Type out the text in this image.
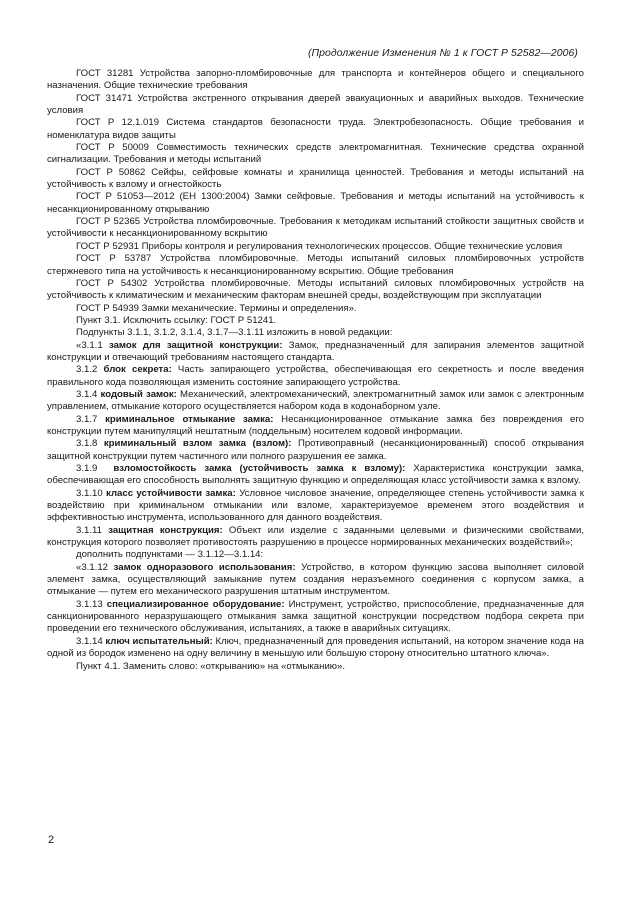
(Продолжение Изменения № 1 к ГОСТ Р 52582—2006)

ГОСТ 31281 Устройства запорно-пломбировочные для транспорта и контейнеров общего и специального назначения. Общие технические требования

ГОСТ 31471 Устройства экстренного открывания дверей эвакуационных и аварийных выходов. Технические условия

ГОСТ Р 12.1.019 Система стандартов безопасности труда. Электробезопасность. Общие требования и номенклатура видов защиты

ГОСТ Р 50009 Совместимость технических средств электромагнитная. Технические средства охранной сигнализации. Требования и методы испытаний

ГОСТ Р 50862 Сейфы, сейфовые комнаты и хранилища ценностей. Требования и методы испытаний на устойчивость к взлому и огнестойкость

ГОСТ Р 51053—2012 (ЕН 1300:2004) Замки сейфовые. Требования и методы испытаний на устойчивость к несанкционированному открыванию

ГОСТ Р 52365 Устройства пломбировочные. Требования к методикам испытаний стойкости защитных свойств и устойчивости к несанкционированному вскрытию

ГОСТ Р 52931 Приборы контроля и регулирования технологических процессов. Общие технические условия

ГОСТ Р 53787 Устройства пломбировочные. Методы испытаний силовых пломбировочных устройств стержневого типа на устойчивость к несанкционированному вскрытию. Общие требования

ГОСТ Р 54302 Устройства пломбировочные. Методы испытаний силовых пломбировочных устройств на устойчивость к климатическим и механическим факторам внешней среды, воздействующим при эксплуатации

ГОСТ Р 54939 Замки механические. Термины и определения».

Пункт 3.1. Исключить ссылку: ГОСТ Р 51241.

Подпункты 3.1.1, 3.1.2, 3.1.4, 3.1.7—3.1.11 изложить в новой редакции:

«3.1.1 замок для защитной конструкции: Замок, предназначенный для запирания элементов защитной конструкции и отвечающий требованиям настоящего стандарта.

3.1.2 блок секрета: Часть запирающего устройства, обеспечивающая его секретность и после введения правильного кода позволяющая изменить состояние запирающего устройства.

3.1.4 кодовый замок: Механический, электромеханический, электромагнитный замок или замок с электронным управлением, отмыкание которого осуществляется набором кода в кодонаборном узле.

3.1.7 криминальное отмыкание замка: Несанкционированное отмыкание замка без повреждения его конструкции путем манипуляций нештатным (поддельным) носителем кодовой информации.

3.1.8 криминальный взлом замка (взлом): Противоправный (несанкционированный) способ открывания защитной конструкции путем частичного или полного разрушения ее замка.

3.1.9  взломостойкость замка (устойчивость замка к взлому): Характеристика конструкции замка, обеспечивающая его способность выполнять защитную функцию и определяющая класс устойчивости замка к взлому.

3.1.10 класс устойчивости замка: Условное числовое значение, определяющее степень устойчивости замка к воздействию при криминальном отмыкании или взломе, характеризуемое временем этого воздействия и эффективностью инструмента, использованного для данного воздействия.

3.1.11 защитная конструкция: Объект или изделие с заданными целевыми и физическими свойствами, конструкция которого позволяет противостоять разрушению в процессе нормированных механических воздействий»;

дополнить подпунктами — 3.1.12—3.1.14:

«3.1.12 замок одноразового использования: Устройство, в котором функцию засова выполняет силовой элемент замка, осуществляющий замыкание путем создания неразъемного соединения с корпусом замка, а отмыкание — путем его механического разрушения штатным инструментом.

3.1.13 специализированное оборудование: Инструмент, устройство, приспособление, предназначенные для санкционированного неразрушающего отмыкания замка защитной конструкции посредством подбора секрета при проведении его технического обслуживания, испытаниях, а также в аварийных ситуациях.

3.1.14 ключ испытательный: Ключ, предназначенный для проведения испытаний, на котором значение кода на одной из бородок изменено на одну величину в меньшую или большую сторону относительно штатного ключа».

Пункт 4.1. Заменить слово: «открыванию» на «отмыканию».

2
